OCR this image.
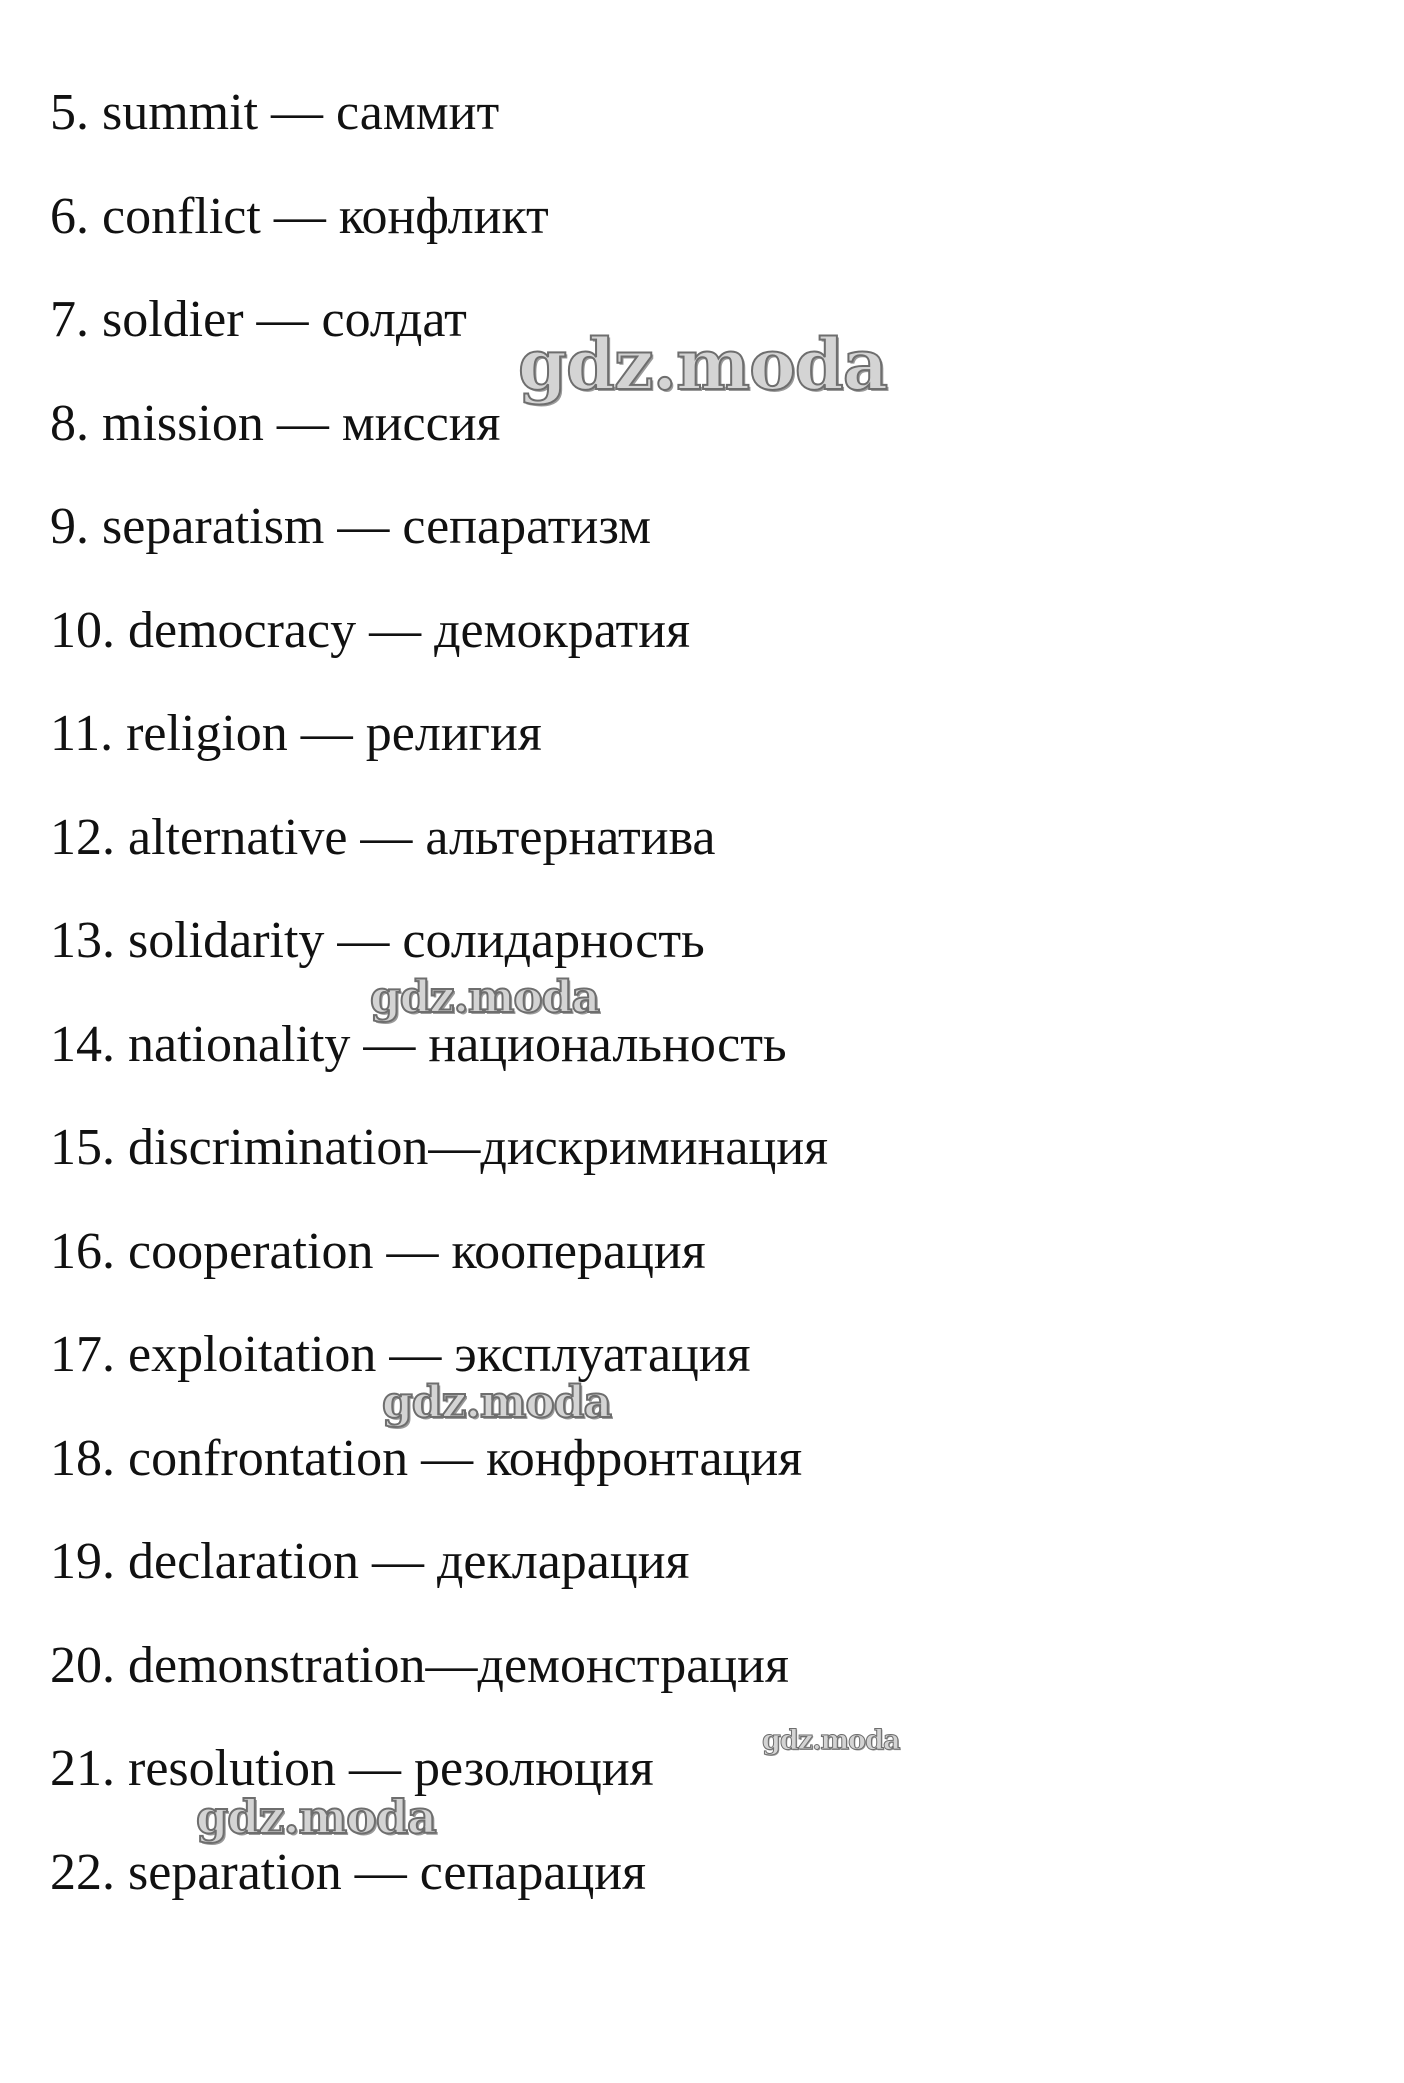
5. summit — саммит
6. conflict — конфликт
7. soldier — солдат
8. mission — миссия
9. separatism — сепаратизм
10. democracy — демократия
11. religion — религия
12. alternative — альтернатива
13. solidarity — солидарность
14. nationality — национальность
15. discrimination—дискриминация
16. cooperation — кооперация
17. exploitation — эксплуатация
18. confrontation — конфронтация
19. declaration — декларация
20. demonstration—демонстрация
21. resolution — резолюция
22. separation — сепарация
gdz.moda
gdz.moda
gdz.moda
gdz.moda
gdz.moda
